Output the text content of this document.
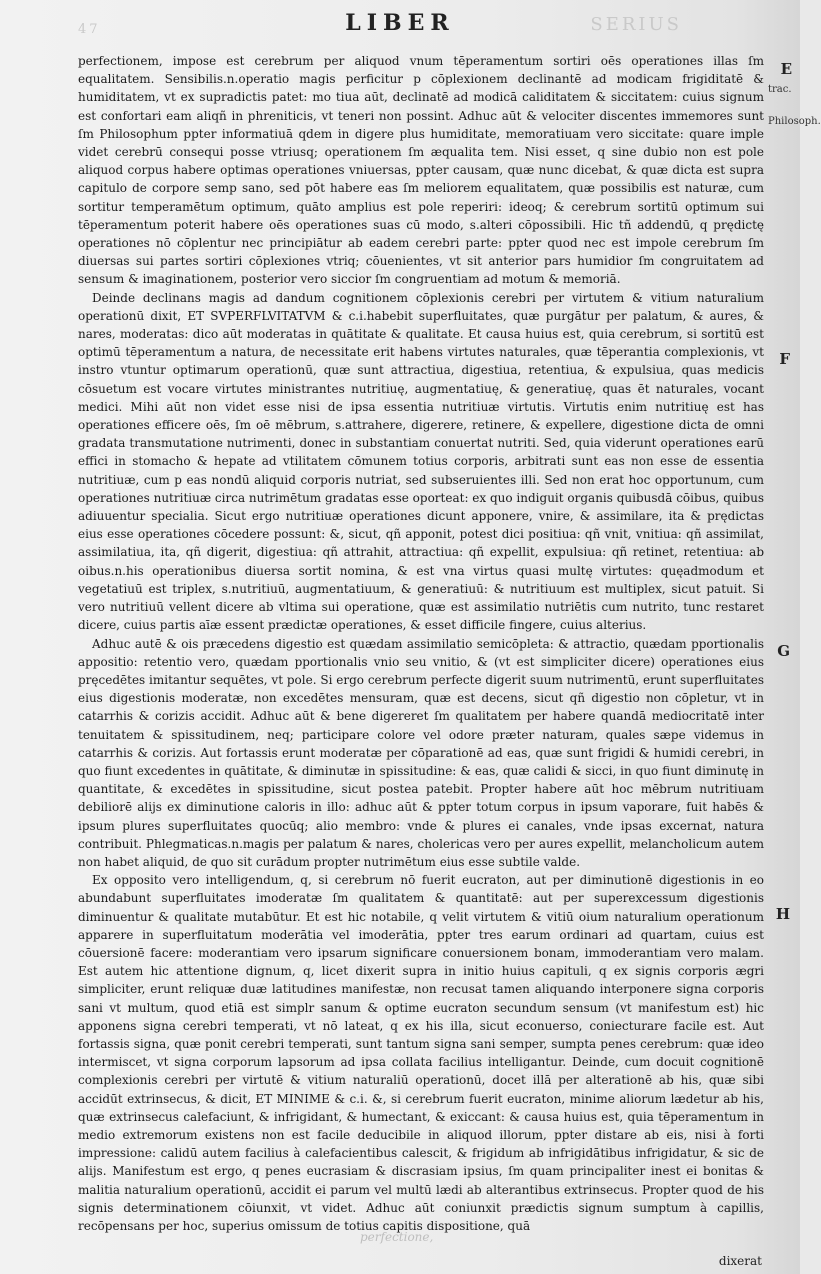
SERIUS
47	LIBER

perfectionem, impose est cerebrum per aliquod vnum tēperamentum sortiri oēs operationes illas ſm equalitatem. Sensibilis.n.operatio magis perficitur p cōplexionem declinantē ad modicam frigiditatē & humiditatem, vt ex supradictis patet: mo tiua aūt, declinatē ad modicā caliditatem & siccitatem: cuius signum est confortari eam aliqñ in phreniticis, vt teneri non possint. Adhuc aūt & velociter discentes immemores sunt ſm Philosophum ppter informatiuā qdem in digere plus humiditate, memoratiuam vero siccitate: quare imple videt cerebrū consequi posse vtriusq; operationem ſm æqualita tem. Nisi esset, q sine dubio non est pole aliquod corpus habere optimas operationes vniuersas, ppter causam, quæ nunc dicebat, & quæ dicta est supra capitulo de corpore semp sano, sed pōt habere eas ſm meliorem equalitatem, quæ possibilis est naturæ, cum sortitur temperamētum optimum, quāto amplius est pole reperiri: ideoq; & cerebrum sortitū optimum sui tēperamentum poterit habere oēs operationes suas cū modo, s.alteri cōpossibili. Hic tñ addendū, q prędictę operationes nō cōplentur nec principiātur ab eadem cerebri parte: ppter quod nec est impole cerebrum ſm diuersas sui partes sortiri cōplexiones vtriq; cōuenientes, vt sit anterior pars humidior ſm congruitatem ad sensum & imaginationem, posterior vero siccior ſm congruentiam ad motum & memoriā.

Deinde declinans magis ad dandum cognitionem cōplexionis cerebri per virtutem & vitium naturalium operationū dixit, ET SVPERFLVITATVM & c.i.habebit superfluitates, quæ purgātur per palatum, & aures, & nares, moderatas: dico aūt moderatas in quātitate & qualitate. Et causa huius est, quia cerebrum, si sortitū est optimū tēperamentum a natura, de necessitate erit habens virtutes naturales, quæ tēperantia complexionis, vt instro vtuntur optimarum operationū, quæ sunt attractiua, digestiua, retentiua, & expulsiua, quas medicis cōsuetum est vocare virtutes ministrantes nutritiuę, augmentatiuę, & generatiuę, quas ēt naturales, vocant medici. Mihi aūt non videt esse nisi de ipsa essentia nutritiuæ virtutis. Virtutis enim nutritiuę est has operationes efficere oēs, ſm oē mēbrum, s.attrahere, digerere, retinere, & expellere, digestione dicta de omni gradata transmutatione nutrimenti, donec in substantiam conuertat nutriti. Sed, quia viderunt operationes earū effici in stomacho & hepate ad vtilitatem cōmunem totius corporis, arbitrati sunt eas non esse de essentia nutritiuæ, cum p eas nondū aliquid corporis nutriat, sed subseruientes illi. Sed non erat hoc opportunum, cum operationes nutritiuæ circa nutrimētum gradatas esse oporteat: ex quo indiguit organis quibusdā cōibus, quibus adiuuentur specialia. Sicut ergo nutritiuæ operationes dicunt apponere, vnire, & assimilare, ita & prędictas eius esse operationes cōcedere possunt: &, sicut, qñ apponit, potest dici positiua: qñ vnit, vnitiua: qñ assimilat, assimilatiua, ita, qñ digerit, digestiua: qñ attrahit, attractiua: qñ expellit, expulsiua: qñ retinet, retentiua: ab oibus.n.his operationibus diuersa sortit nomina, & est vna virtus quasi multę virtutes: quęadmodum et vegetatiuū est triplex, s.nutritiuū, augmentatiuum, & generatiuū: & nutritiuum est multiplex, sicut patuit. Si vero nutritiuū vellent dicere ab vltima sui operatione, quæ est assimilatio nutriētis cum nutrito, tunc restaret dicere, cuius partis aīæ essent prædictæ operationes, & esset difficile fingere, cuius alterius.

Adhuc autē & ois præcedens digestio est quædam assimilatio semicōpleta: & attractio, quædam pportionalis appositio: retentio vero, quædam pportionalis vnio seu vnitio, & (vt est simpliciter dicere) operationes eius pręcedētes imitantur sequētes, vt pole. Si ergo cerebrum perfecte digerit suum nutrimentū, erunt superfluitates eius digestionis moderatæ, non excedētes mensuram, quæ est decens, sicut qñ digestio non cōpletur, vt in catarrhis & corizis accidit. Adhuc aūt & bene digereret ſm qualitatem per habere quandā mediocritatē inter tenuitatem & spissitudinem, neq; participare colore vel odore præter naturam, quales sæpe videmus in catarrhis & corizis. Aut fortassis erunt moderatæ per cōparationē ad eas, quæ sunt frigidi & humidi cerebri, in quo fiunt excedentes in quātitate, & diminutæ in spissitudine: & eas, quæ calidi & sicci, in quo fiunt diminutę in quantitate, & excedētes in spissitudine, sicut postea patebit. Propter habere aūt hoc mēbrum nutritiuam debiliorē alijs ex diminutione caloris in illo: adhuc aūt & ppter totum corpus in ipsum vaporare, fuit habēs & ipsum plures superfluitates quocūq; alio membro: vnde & plures ei canales, vnde ipsas excernat, natura contribuit. Phlegmaticas.n.magis per palatum & nares, cholericas vero per aures expellit, melancholicum autem non habet aliquid, de quo sit curādum propter nutrimētum eius esse subtile valde.

Ex opposito vero intelligendum, q, si cerebrum nō fuerit eucraton, aut per diminutionē digestionis in eo abundabunt superfluitates imoderatæ ſm qualitatem & quantitatē: aut per superexcessum digestionis diminuentur & qualitate mutabūtur. Et est hic notabile, q velit virtutem & vitiū oium naturalium operationum apparere in superfluitatum moderātia vel imoderātia, ppter tres earum ordinari ad quartam, cuius est cōuersionē facere: moderantiam vero ipsarum significare conuersionem bonam, immoderantiam vero malam. Est autem hic attentione dignum, q, licet dixerit supra in initio huius capituli, q ex signis corporis ægri simpliciter, erunt reliquæ duæ latitudines manifestæ, non recusat tamen aliquando interponere signa corporis sani vt multum, quod etiā est simplr sanum & optime eucraton secundum sensum (vt manifestum est) hic apponens signa cerebri temperati, vt nō lateat, q ex his illa, sicut econuerso, coniecturare facile est. Aut fortassis signa, quæ ponit cerebri temperati, sunt tantum signa sani semper, sumpta penes cerebrum: quæ ideo intermiscet, vt signa corporum lapsorum ad ipsa collata facilius intelligantur. Deinde, cum docuit cognitionē complexionis cerebri per virtutē & vitium naturaliū operationū, docet illā per alterationē ab his, quæ sibi accidūt extrinsecus, & dicit, ET MINIME & c.i. &, si cerebrum fuerit eucraton, minime aliorum lædetur ab his, quæ extrinsecus calefaciunt, & infrigidant, & humectant, & exiccant: & causa huius est, quia tēperamentum in medio extremorum existens non est facile deducibile in aliquod illorum, ppter distare ab eis, nisi à forti impressione: calidū autem facilius à calefacientibus calescit, & frigidum ab infrigidātibus infrigidatur, & sic de alijs. Manifestum est ergo, q penes eucrasiam & discrasiam ipsius, ſm quam principaliter inest ei bonitas & malitia naturalium operationū, accidit ei parum vel multū lædi ab alterantibus extrinsecus. Propter quod de his signis determinationem cōiunxit, vt videt. Adhuc aūt coniunxit prædictis signum sumptum à capillis, recōpensans per hoc, superius omissum de totius capitis dispositione, quā

E
F
G
H
trac.
Philosoph.
perfectione,
dixerat
